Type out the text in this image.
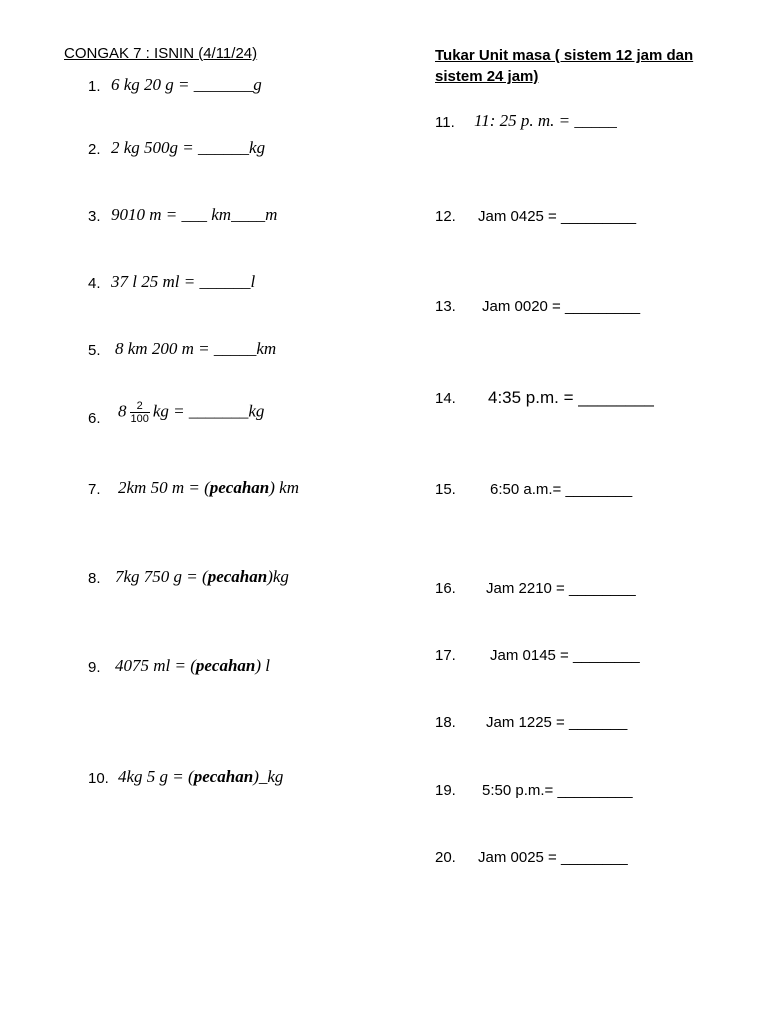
CONGAK 7 : ISNIN (4/11/24)	Tukar Unit masa ( sistem 12 jam dan sistem 24 jam)
1. 6 kg 20 g = _______g
2. 2 kg 500g = ______kg
3. 9010 m = ___ km____m
4. 37 l 25 ml = ______l
5. 8 km 200 m = _____km
6. $8 \frac{2}{100}$ kg = _______kg
7. 2km 50 m = (pecahan) km
8. 7kg 750 g = (pecahan)kg
9. 4075 ml = (pecahan) l
10. 4kg 5 g = (pecahan)_kg
11. 11: 25 p. m. = _____
12. Jam 0425 = _________
13. Jam 0020 = _________
14. 4:35 p.m. = ________
15. 6:50 a.m.= ________
16. Jam 2210 = ________
17. Jam 0145 = ________
18. Jam 1225 = _______
19. 5:50 p.m.= _________
20. Jam 0025 = ________
